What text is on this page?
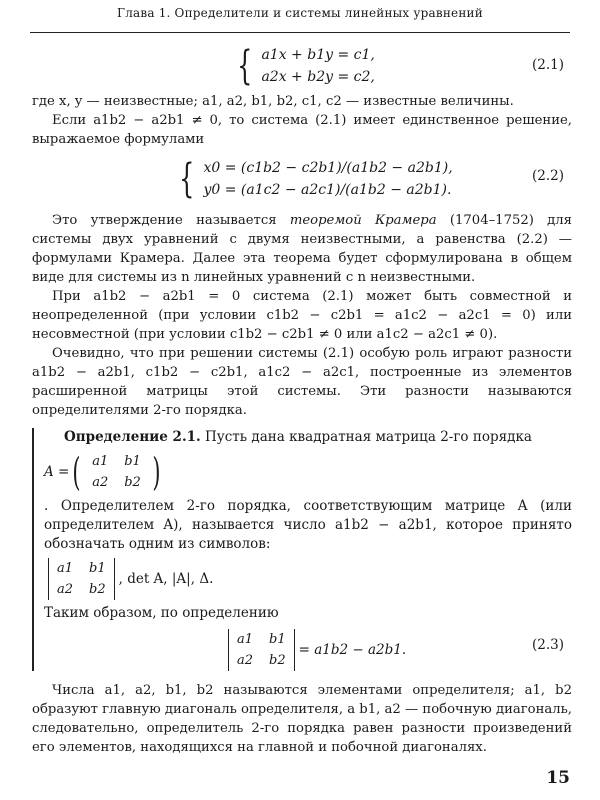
Глава 1. Определители и системы линейных уравнений
{ a1x + b1y = c1,
a2x + b2y = c2,
(2.1)

где x, y — неизвестные; a1, a2, b1, b2, c1, c2 — известные величины.

Если a1b2 − a2b1 ≠ 0, то система (2.1) имеет единственное решение, выражаемое формулами

{ x0 = (c1b2 − c2b1)/(a1b2 − a2b1),
y0 = (a1c2 − a2c1)/(a1b2 − a2b1).
(2.2)

Это утверждение называется теоремой Крамера (1704–1752) для системы двух уравнений с двумя неизвестными, а равенства (2.2) — формулами Крамера. Далее эта теорема будет сформулирована в общем виде для системы из n линейных уравнений с n неизвестными.

При a1b2 − a2b1 = 0 система (2.1) может быть совместной и неопределенной (при условии c1b2 − c2b1 = a1c2 − a2c1 = 0) или несовместной (при условии c1b2 − c2b1 ≠ 0 или a1c2 − a2c1 ≠ 0).

Очевидно, что при решении системы (2.1) особую роль играют разности a1b2 − a2b1, c1b2 − c2b1, a1c2 − a2c1, построенные из элементов расширенной матрицы этой системы. Эти разности называются определителями 2-го порядка.

Определение 2.1. Пусть дана квадратная матрица 2-го порядка

A = ( a1	b1
a2	b2 )

. Определителем 2-го порядка, соответствующим матрице A (или определителем A), называется число a1b2 − a2b1, которое принято обозначать одним из символов:

a1	b1
a2	b2
, det A, |A|, Δ.

Таким образом, по определению

a1	b1
a2	b2
= a1b2 − a2b1.	(2.3)

Числа a1, a2, b1, b2 называются элементами определителя; a1, b2 образуют главную диагональ определителя, а b1, a2 — побочную диагональ, следовательно, определитель 2-го порядка равен разности произведений его элементов, находящихся на главной и побочной диагоналях.

15
